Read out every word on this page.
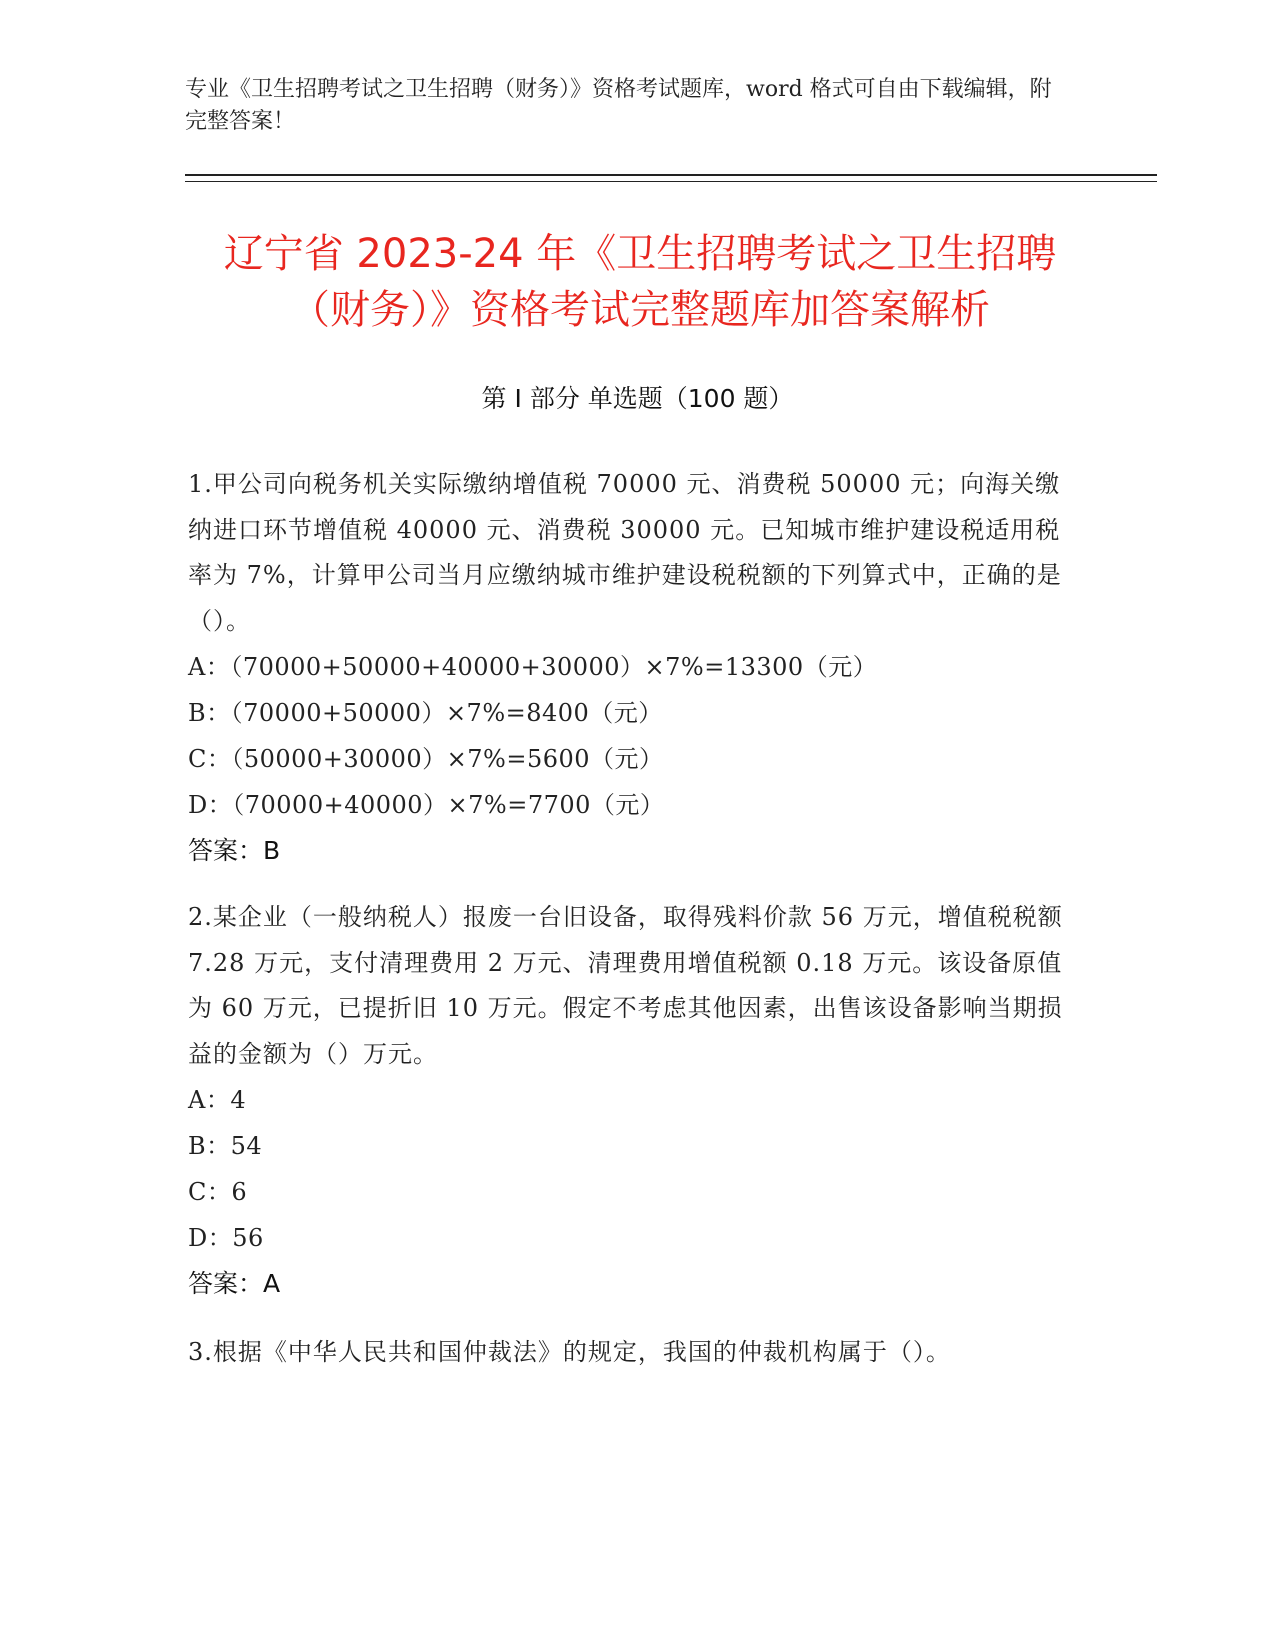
专业《卫生招聘考试之卫生招聘（财务）》资格考试题库，word 格式可自由下载编辑，附完整答案！
辽宁省 2023-24 年《卫生招聘考试之卫生招聘（财务）》资格考试完整题库加答案解析
第 I 部分 单选题（100 题）
1.甲公司向税务机关实际缴纳增值税 70000 元、消费税 50000 元；向海关缴纳进口环节增值税 40000 元、消费税 30000 元。已知城市维护建设税适用税率为 7%，计算甲公司当月应缴纳城市维护建设税税额的下列算式中，正确的是（）。
A：（70000+50000+40000+30000）×7%=13300（元）
B：（70000+50000）×7%=8400（元）
C：（50000+30000）×7%=5600（元）
D：（70000+40000）×7%=7700（元）
答案：B
2.某企业（一般纳税人）报废一台旧设备，取得残料价款 56 万元，增值税税额 7.28 万元，支付清理费用 2 万元、清理费用增值税额 0.18 万元。该设备原值为 60 万元，已提折旧 10 万元。假定不考虑其他因素，出售该设备影响当期损益的金额为（）万元。
A：4
B：54
C：6
D：56
答案：A
3.根据《中华人民共和国仲裁法》的规定，我国的仲裁机构属于（）。
